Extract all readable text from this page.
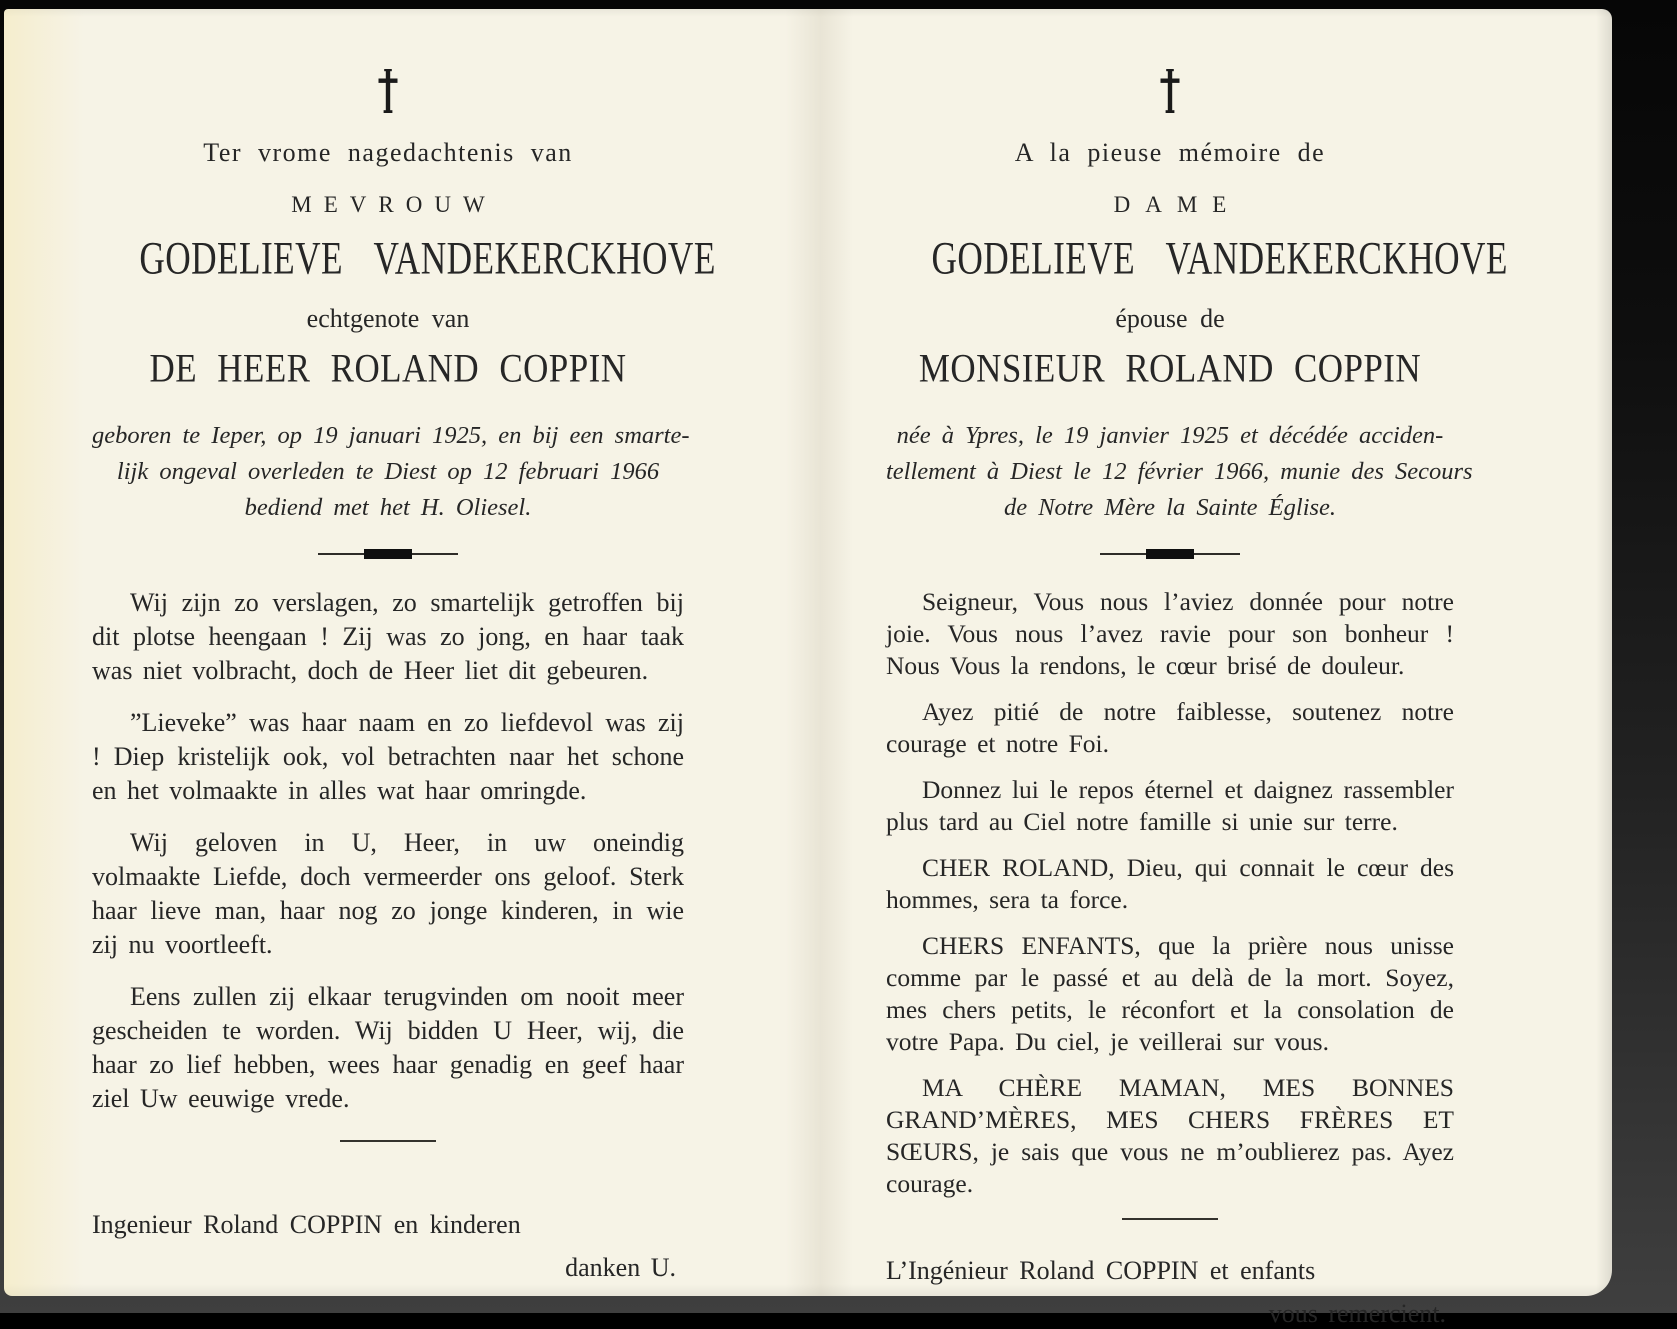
Ter vrome nagedachtenis van
MEVROUW
GODELIEVE VANDEKERCKHOVE
echtgenote van
DE HEER ROLAND COPPIN
geboren te Ieper, op 19 januari 1925, en bij een smarte-
lijk ongeval overleden te Diest op 12 februari 1966
bediend met het H. Oliesel.

Wij zijn zo verslagen, zo smartelijk getroffen bij dit plotse heengaan ! Zij was zo jong, en haar taak was niet volbracht, doch de Heer liet dit gebeuren.

”Lieveke” was haar naam en zo liefdevol was zij ! Diep kristelijk ook, vol betrachten naar het schone en het volmaakte in alles wat haar omringde.

Wij geloven in U, Heer, in uw oneindig volmaakte Liefde, doch vermeerder ons geloof. Sterk haar lieve man, haar nog zo jonge kinderen, in wie zij nu voortleeft.

Eens zullen zij elkaar terugvinden om nooit meer gescheiden te worden. Wij bidden U Heer, wij, die haar zo lief hebben, wees haar genadig en geef haar ziel Uw eeuwige vrede.

Ingenieur Roland COPPIN en kinderen
danken U.
A la pieuse mémoire de
DAME
GODELIEVE VANDEKERCKHOVE
épouse de
MONSIEUR ROLAND COPPIN
née à Ypres, le 19 janvier 1925 et décédée acciden-
tellement à Diest le 12 février 1966, munie des Secours
de Notre Mère la Sainte Église.

Seigneur, Vous nous l’aviez donnée pour notre joie. Vous nous l’avez ravie pour son bonheur ! Nous Vous la rendons, le cœur brisé de douleur.

Ayez pitié de notre faiblesse, soutenez notre courage et notre Foi.

Donnez lui le repos éternel et daignez rassembler plus tard au Ciel notre famille si unie sur terre.

CHER ROLAND, Dieu, qui connait le cœur des hommes, sera ta force.

CHERS ENFANTS, que la prière nous unisse comme par le passé et au delà de la mort. Soyez, mes chers petits, le réconfort et la consolation de votre Papa. Du ciel, je veillerai sur vous.

MA CHÈRE MAMAN, MES BONNES GRAND’MÈRES, MES CHERS FRÈRES ET SŒURS, je sais que vous ne m’oublierez pas. Ayez courage.

L’Ingénieur Roland COPPIN et enfants
vous remercient.
